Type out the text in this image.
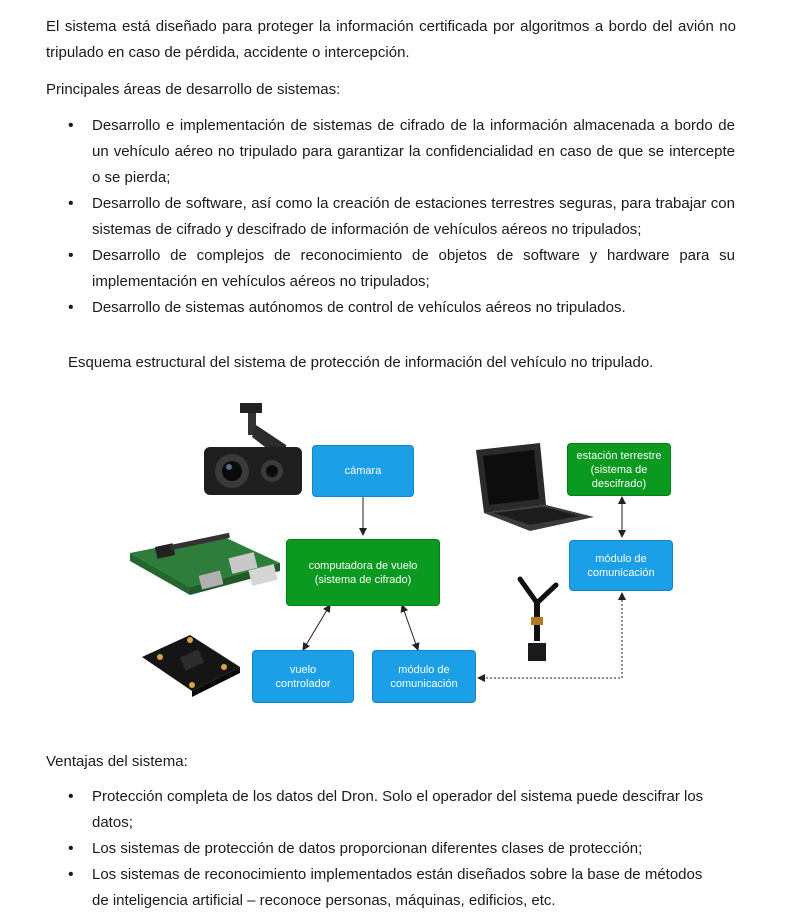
El sistema está diseñado para proteger la información certificada por algoritmos a bordo del avión no tripulado en caso de pérdida, accidente o intercepción.

Principales áreas de desarrollo de sistemas:

• Desarrollo e implementación de sistemas de cifrado de la información almacenada a bordo de un vehículo aéreo no tripulado para garantizar la confidencialidad en caso de que se intercepte o se pierda;
• Desarrollo de software, así como la creación de estaciones terrestres seguras, para trabajar con sistemas de cifrado y descifrado de información de vehículos aéreos no tripulados;
• Desarrollo de complejos de reconocimiento de objetos de software y hardware para su implementación en vehículos aéreos no tripulados;
• Desarrollo de sistemas autónomos de control de vehículos aéreos no tripulados.

Esquema estructural del sistema de protección de información del vehículo no tripulado.

cámara
computadora de vuelo
(sistema de cifrado)
vuelo
controlador
módulo de
comunicación
estación terrestre
(sistema de
descifrado)
módulo de
comunicación

Ventajas del sistema:

• Protección completa de los datos del Dron. Solo el operador del sistema puede descifrar los datos;
• Los sistemas de protección de datos proporcionan diferentes clases de protección;
• Los sistemas de reconocimiento implementados están diseñados sobre la base de métodos de inteligencia artificial – reconoce personas, máquinas, edificios, etc.
